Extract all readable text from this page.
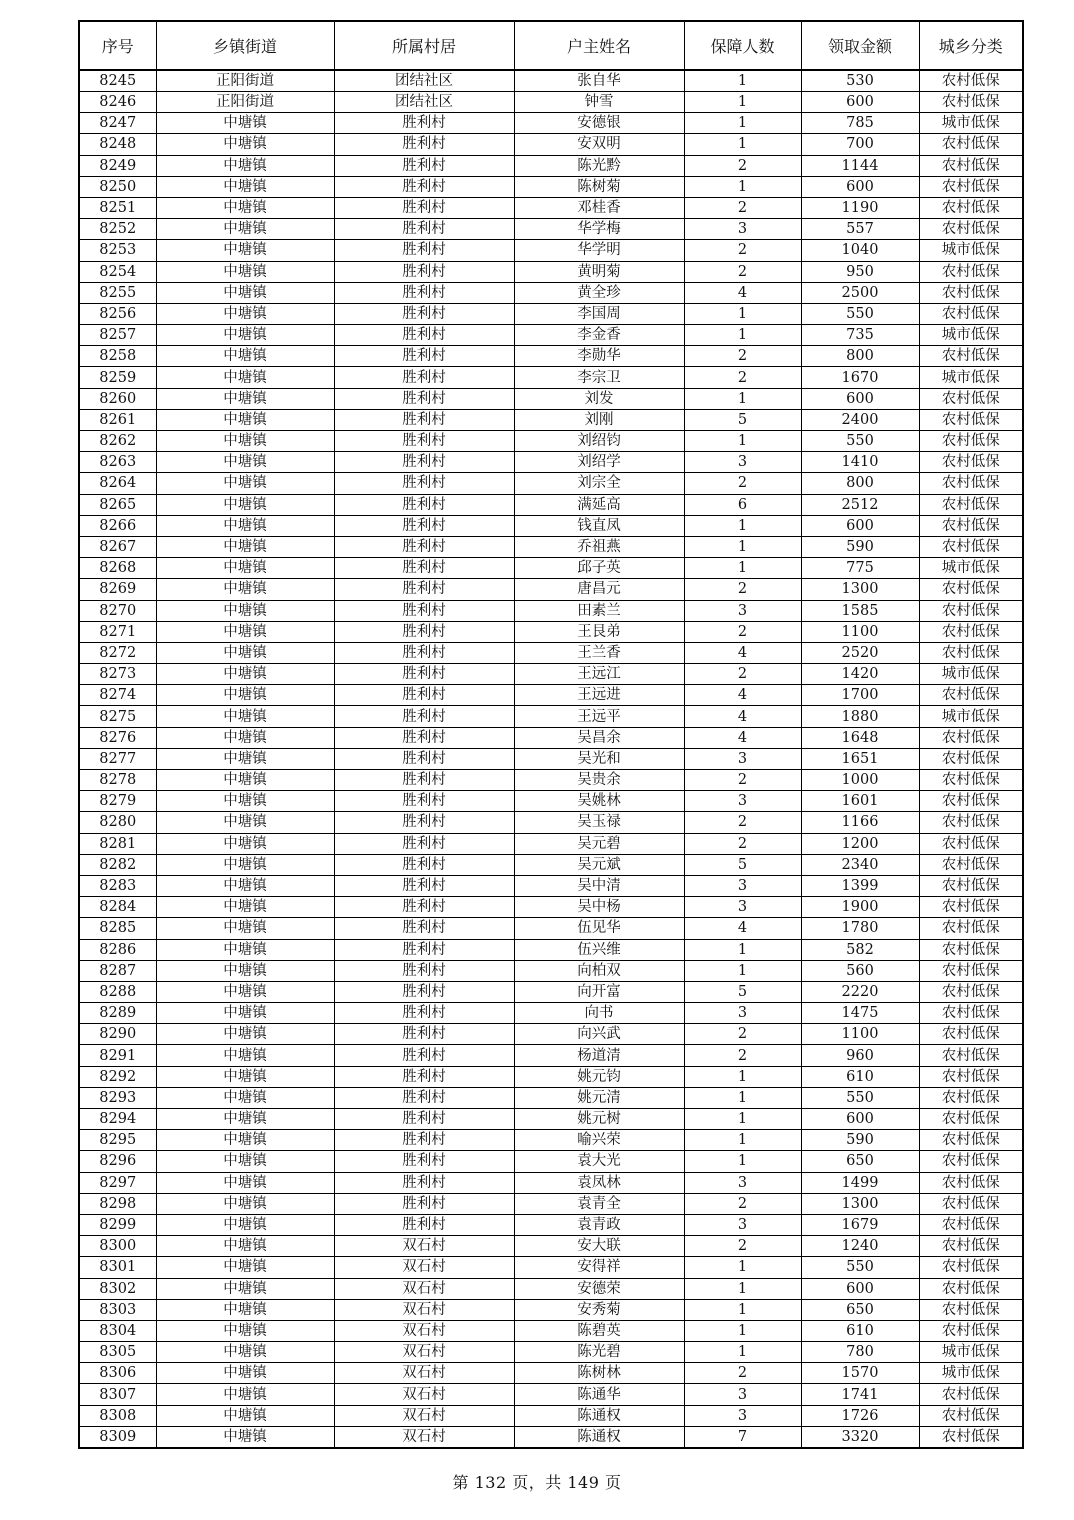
序号	乡镇街道	所属村居	户主姓名	保障人数	领取金额	城乡分类
8245	正阳街道	团结社区	张自华	1	530	农村低保
8246	正阳街道	团结社区	钟雪	1	600	农村低保
8247	中塘镇	胜利村	安德银	1	785	城市低保
8248	中塘镇	胜利村	安双明	1	700	农村低保
8249	中塘镇	胜利村	陈光黔	2	1144	农村低保
8250	中塘镇	胜利村	陈树菊	1	600	农村低保
8251	中塘镇	胜利村	邓桂香	2	1190	农村低保
8252	中塘镇	胜利村	华学梅	3	557	农村低保
8253	中塘镇	胜利村	华学明	2	1040	城市低保
8254	中塘镇	胜利村	黄明菊	2	950	农村低保
8255	中塘镇	胜利村	黄全珍	4	2500	农村低保
8256	中塘镇	胜利村	李国周	1	550	农村低保
8257	中塘镇	胜利村	李金香	1	735	城市低保
8258	中塘镇	胜利村	李勋华	2	800	农村低保
8259	中塘镇	胜利村	李宗卫	2	1670	城市低保
8260	中塘镇	胜利村	刘发	1	600	农村低保
8261	中塘镇	胜利村	刘刚	5	2400	农村低保
8262	中塘镇	胜利村	刘绍钧	1	550	农村低保
8263	中塘镇	胜利村	刘绍学	3	1410	农村低保
8264	中塘镇	胜利村	刘宗全	2	800	农村低保
8265	中塘镇	胜利村	满延高	6	2512	农村低保
8266	中塘镇	胜利村	钱直凤	1	600	农村低保
8267	中塘镇	胜利村	乔祖燕	1	590	农村低保
8268	中塘镇	胜利村	邱子英	1	775	城市低保
8269	中塘镇	胜利村	唐昌元	2	1300	农村低保
8270	中塘镇	胜利村	田素兰	3	1585	农村低保
8271	中塘镇	胜利村	王艮弟	2	1100	农村低保
8272	中塘镇	胜利村	王兰香	4	2520	农村低保
8273	中塘镇	胜利村	王远江	2	1420	城市低保
8274	中塘镇	胜利村	王远进	4	1700	农村低保
8275	中塘镇	胜利村	王远平	4	1880	城市低保
8276	中塘镇	胜利村	吴昌余	4	1648	农村低保
8277	中塘镇	胜利村	吴光和	3	1651	农村低保
8278	中塘镇	胜利村	吴贵余	2	1000	农村低保
8279	中塘镇	胜利村	吴姚林	3	1601	农村低保
8280	中塘镇	胜利村	吴玉禄	2	1166	农村低保
8281	中塘镇	胜利村	吴元碧	2	1200	农村低保
8282	中塘镇	胜利村	吴元斌	5	2340	农村低保
8283	中塘镇	胜利村	吴中清	3	1399	农村低保
8284	中塘镇	胜利村	吴中杨	3	1900	农村低保
8285	中塘镇	胜利村	伍见华	4	1780	农村低保
8286	中塘镇	胜利村	伍兴维	1	582	农村低保
8287	中塘镇	胜利村	向柏双	1	560	农村低保
8288	中塘镇	胜利村	向开富	5	2220	农村低保
8289	中塘镇	胜利村	向书	3	1475	农村低保
8290	中塘镇	胜利村	向兴武	2	1100	农村低保
8291	中塘镇	胜利村	杨道清	2	960	农村低保
8292	中塘镇	胜利村	姚元钧	1	610	农村低保
8293	中塘镇	胜利村	姚元清	1	550	农村低保
8294	中塘镇	胜利村	姚元树	1	600	农村低保
8295	中塘镇	胜利村	喻兴荣	1	590	农村低保
8296	中塘镇	胜利村	袁大光	1	650	农村低保
8297	中塘镇	胜利村	袁凤林	3	1499	农村低保
8298	中塘镇	胜利村	袁青全	2	1300	农村低保
8299	中塘镇	胜利村	袁青政	3	1679	农村低保
8300	中塘镇	双石村	安大联	2	1240	农村低保
8301	中塘镇	双石村	安得祥	1	550	农村低保
8302	中塘镇	双石村	安德荣	1	600	农村低保
8303	中塘镇	双石村	安秀菊	1	650	农村低保
8304	中塘镇	双石村	陈碧英	1	610	农村低保
8305	中塘镇	双石村	陈光碧	1	780	城市低保
8306	中塘镇	双石村	陈树林	2	1570	城市低保
8307	中塘镇	双石村	陈通华	3	1741	农村低保
8308	中塘镇	双石村	陈通权	3	1726	农村低保
8309	中塘镇	双石村	陈通权	7	3320	农村低保
第 132 页，共 149 页
